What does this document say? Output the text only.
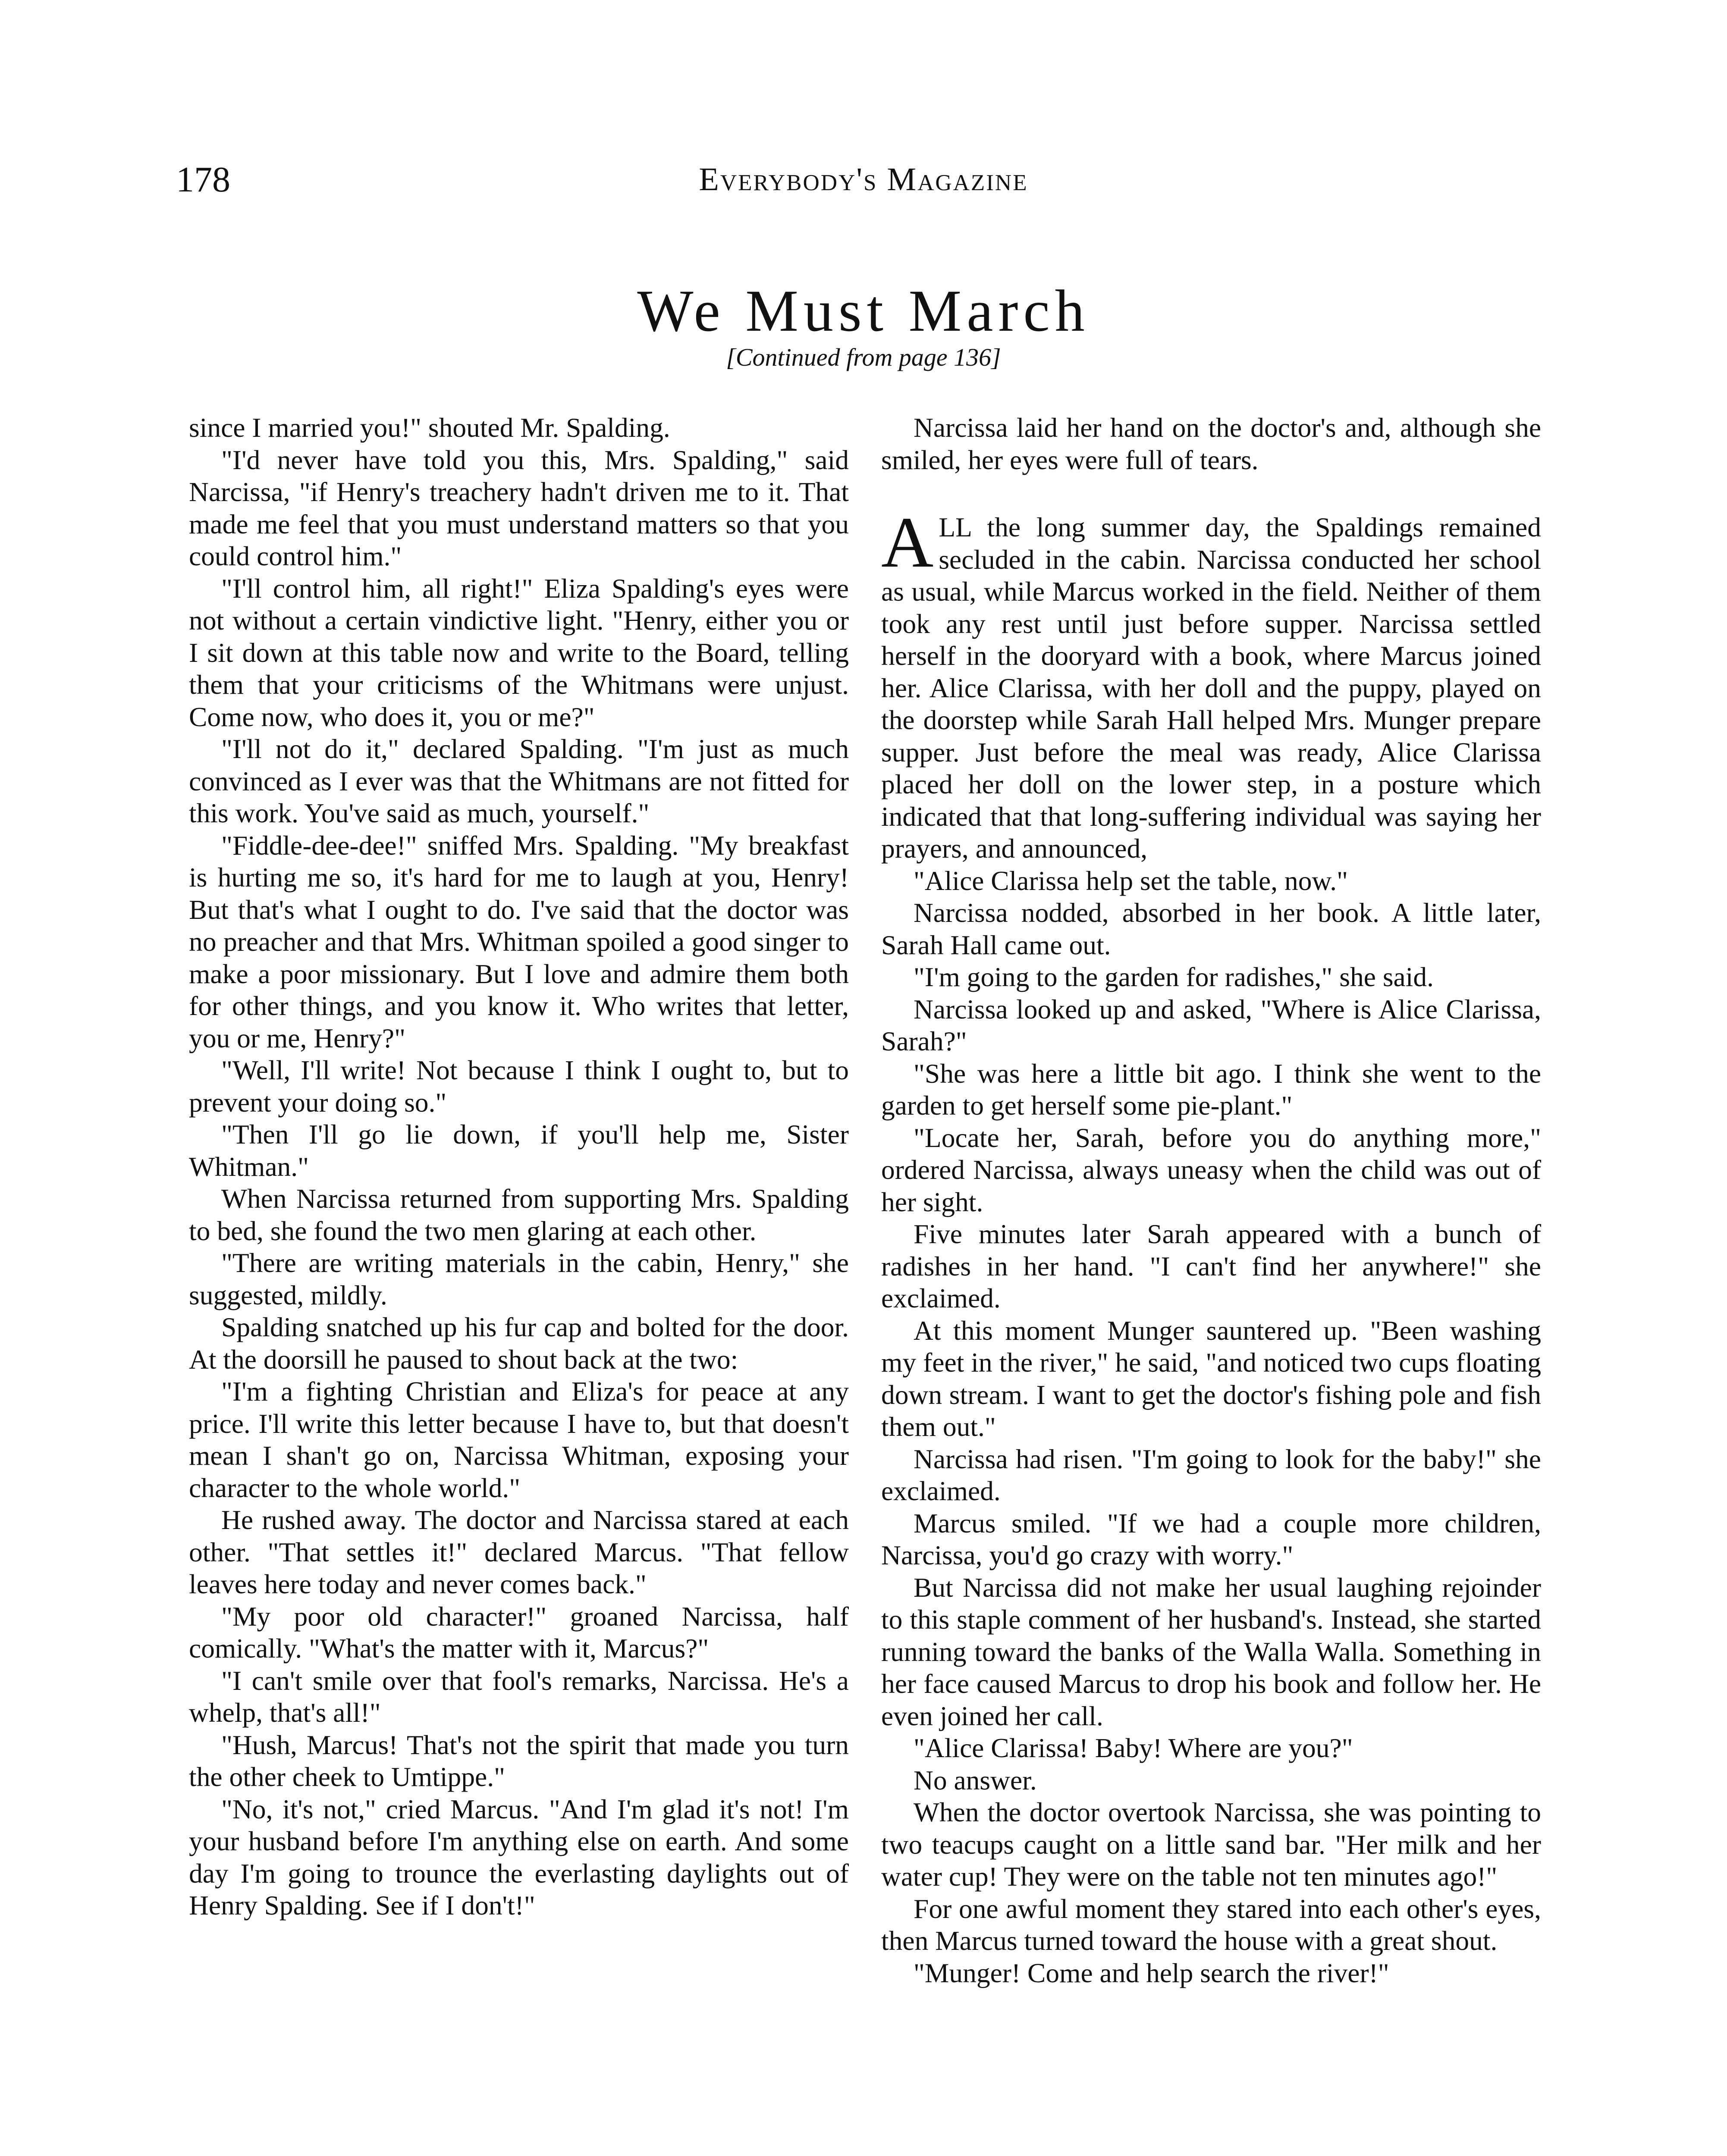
178	Everybody's Magazine
We Must March
[Continued from page 136]

since I married you!" shouted Mr. Spalding.

"I'd never have told you this, Mrs. Spalding," said Narcissa, "if Henry's treachery hadn't driven me to it. That made me feel that you must understand matters so that you could control him."

"I'll control him, all right!" Eliza Spalding's eyes were not without a certain vindictive light. "Henry, either you or I sit down at this table now and write to the Board, telling them that your criticisms of the Whitmans were unjust. Come now, who does it, you or me?"

"I'll not do it," declared Spalding. "I'm just as much convinced as I ever was that the Whitmans are not fitted for this work. You've said as much, yourself."

"Fiddle-dee-dee!" sniffed Mrs. Spalding. "My breakfast is hurting me so, it's hard for me to laugh at you, Henry! But that's what I ought to do. I've said that the doctor was no preacher and that Mrs. Whitman spoiled a good singer to make a poor missionary. But I love and admire them both for other things, and you know it. Who writes that letter, you or me, Henry?"

"Well, I'll write! Not because I think I ought to, but to prevent your doing so."

"Then I'll go lie down, if you'll help me, Sister Whitman."

When Narcissa returned from supporting Mrs. Spalding to bed, she found the two men glaring at each other.

"There are writing materials in the cabin, Henry," she suggested, mildly.

Spalding snatched up his fur cap and bolted for the door. At the doorsill he paused to shout back at the two:

"I'm a fighting Christian and Eliza's for peace at any price. I'll write this letter because I have to, but that doesn't mean I shan't go on, Narcissa Whitman, exposing your character to the whole world."

He rushed away. The doctor and Narcissa stared at each other. "That settles it!" declared Marcus. "That fellow leaves here today and never comes back."

"My poor old character!" groaned Narcissa, half comically. "What's the matter with it, Marcus?"

"I can't smile over that fool's remarks, Narcissa. He's a whelp, that's all!"

"Hush, Marcus! That's not the spirit that made you turn the other cheek to Umtippe."

"No, it's not," cried Marcus. "And I'm glad it's not! I'm your husband before I'm anything else on earth. And some day I'm going to trounce the everlasting daylights out of Henry Spalding. See if I don't!"

Narcissa laid her hand on the doctor's and, although she smiled, her eyes were full of tears.

ALL the long summer day, the Spaldings remained secluded in the cabin. Narcissa conducted her school as usual, while Marcus worked in the field. Neither of them took any rest until just before supper. Narcissa settled herself in the dooryard with a book, where Marcus joined her. Alice Clarissa, with her doll and the puppy, played on the doorstep while Sarah Hall helped Mrs. Munger prepare supper. Just before the meal was ready, Alice Clarissa placed her doll on the lower step, in a posture which indicated that that long-suffering individual was saying her prayers, and announced,

"Alice Clarissa help set the table, now."

Narcissa nodded, absorbed in her book. A little later, Sarah Hall came out.

"I'm going to the garden for radishes," she said.

Narcissa looked up and asked, "Where is Alice Clarissa, Sarah?"

"She was here a little bit ago. I think she went to the garden to get herself some pie-plant."

"Locate her, Sarah, before you do anything more," ordered Narcissa, always uneasy when the child was out of her sight.

Five minutes later Sarah appeared with a bunch of radishes in her hand. "I can't find her anywhere!" she exclaimed.

At this moment Munger sauntered up. "Been washing my feet in the river," he said, "and noticed two cups floating down stream. I want to get the doctor's fishing pole and fish them out."

Narcissa had risen. "I'm going to look for the baby!" she exclaimed.

Marcus smiled. "If we had a couple more children, Narcissa, you'd go crazy with worry."

But Narcissa did not make her usual laughing rejoinder to this staple comment of her husband's. Instead, she started running toward the banks of the Walla Walla. Something in her face caused Marcus to drop his book and follow her. He even joined her call.

"Alice Clarissa! Baby! Where are you?"

No answer.

When the doctor overtook Narcissa, she was pointing to two teacups caught on a little sand bar. "Her milk and her water cup! They were on the table not ten minutes ago!"

For one awful moment they stared into each other's eyes, then Marcus turned toward the house with a great shout.

"Munger! Come and help search the river!"
